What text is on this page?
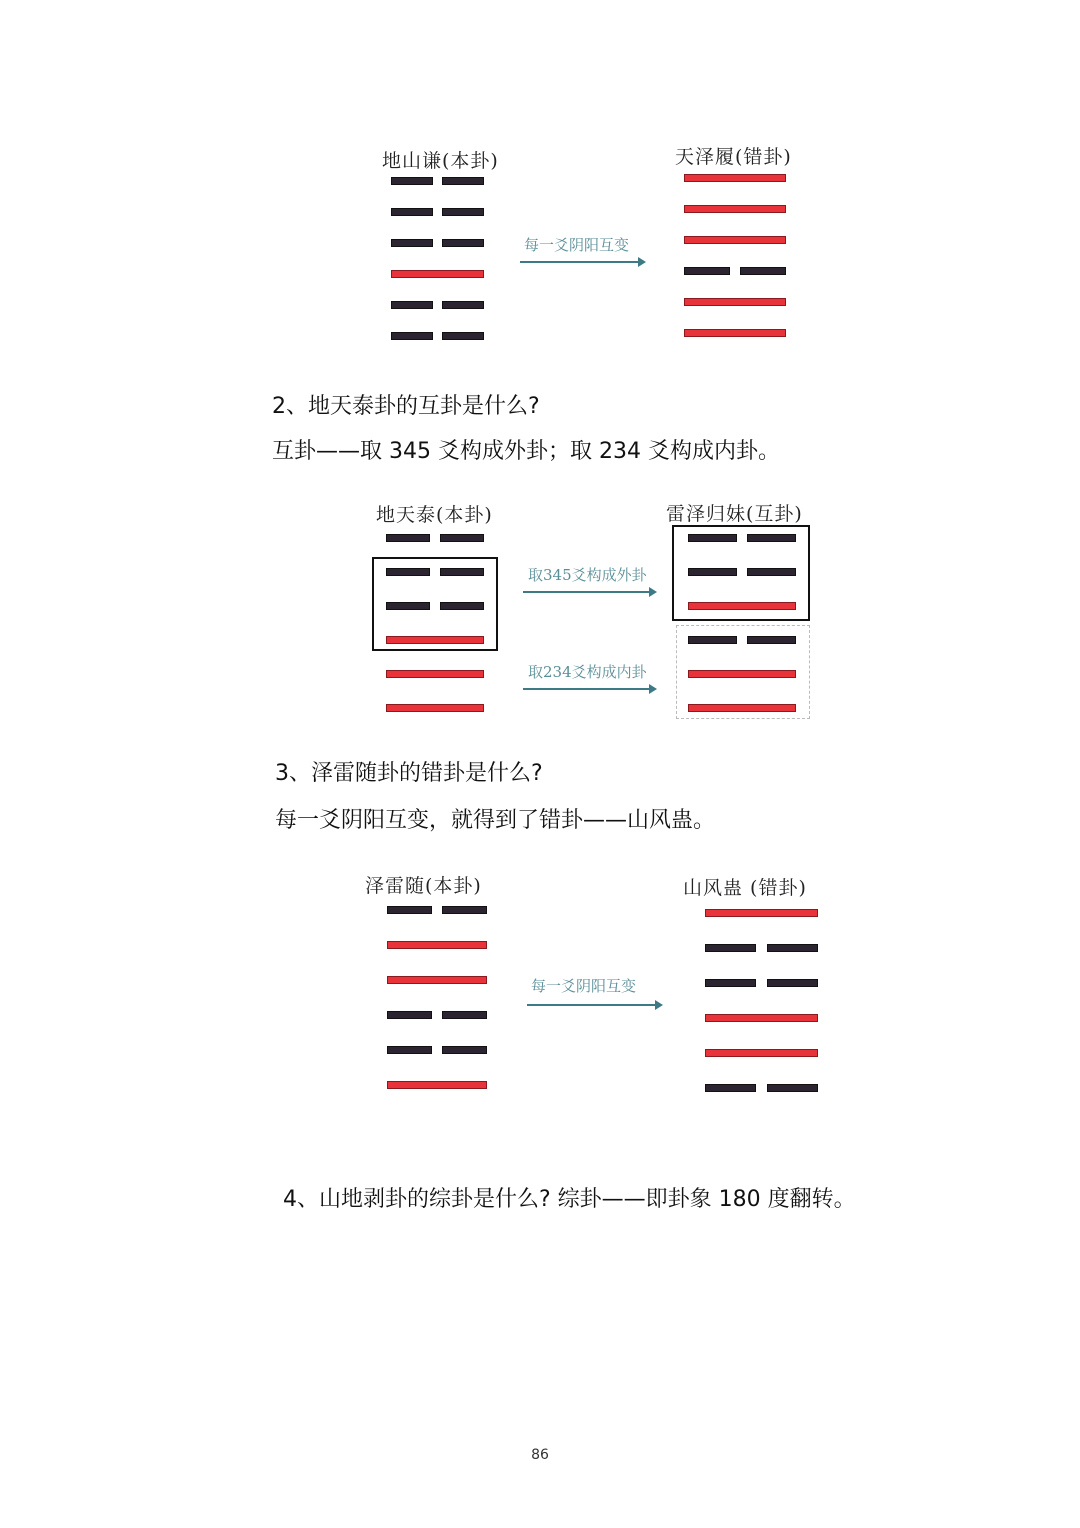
地山谦(本卦)	天泽履(错卦)
每一爻阴阳互变
2、地天泰卦的互卦是什么?
互卦——取 345 爻构成外卦；取 234 爻构成内卦。
地天泰(本卦)	雷泽归妹(互卦)
取345爻构成外卦
取234爻构成内卦
3、泽雷随卦的错卦是什么?
每一爻阴阳互变，就得到了错卦——山风蛊。
泽雷随(本卦)	山风蛊 (错卦)
每一爻阴阳互变
4、山地剥卦的综卦是什么? 综卦——即卦象 180 度翻转。
86
